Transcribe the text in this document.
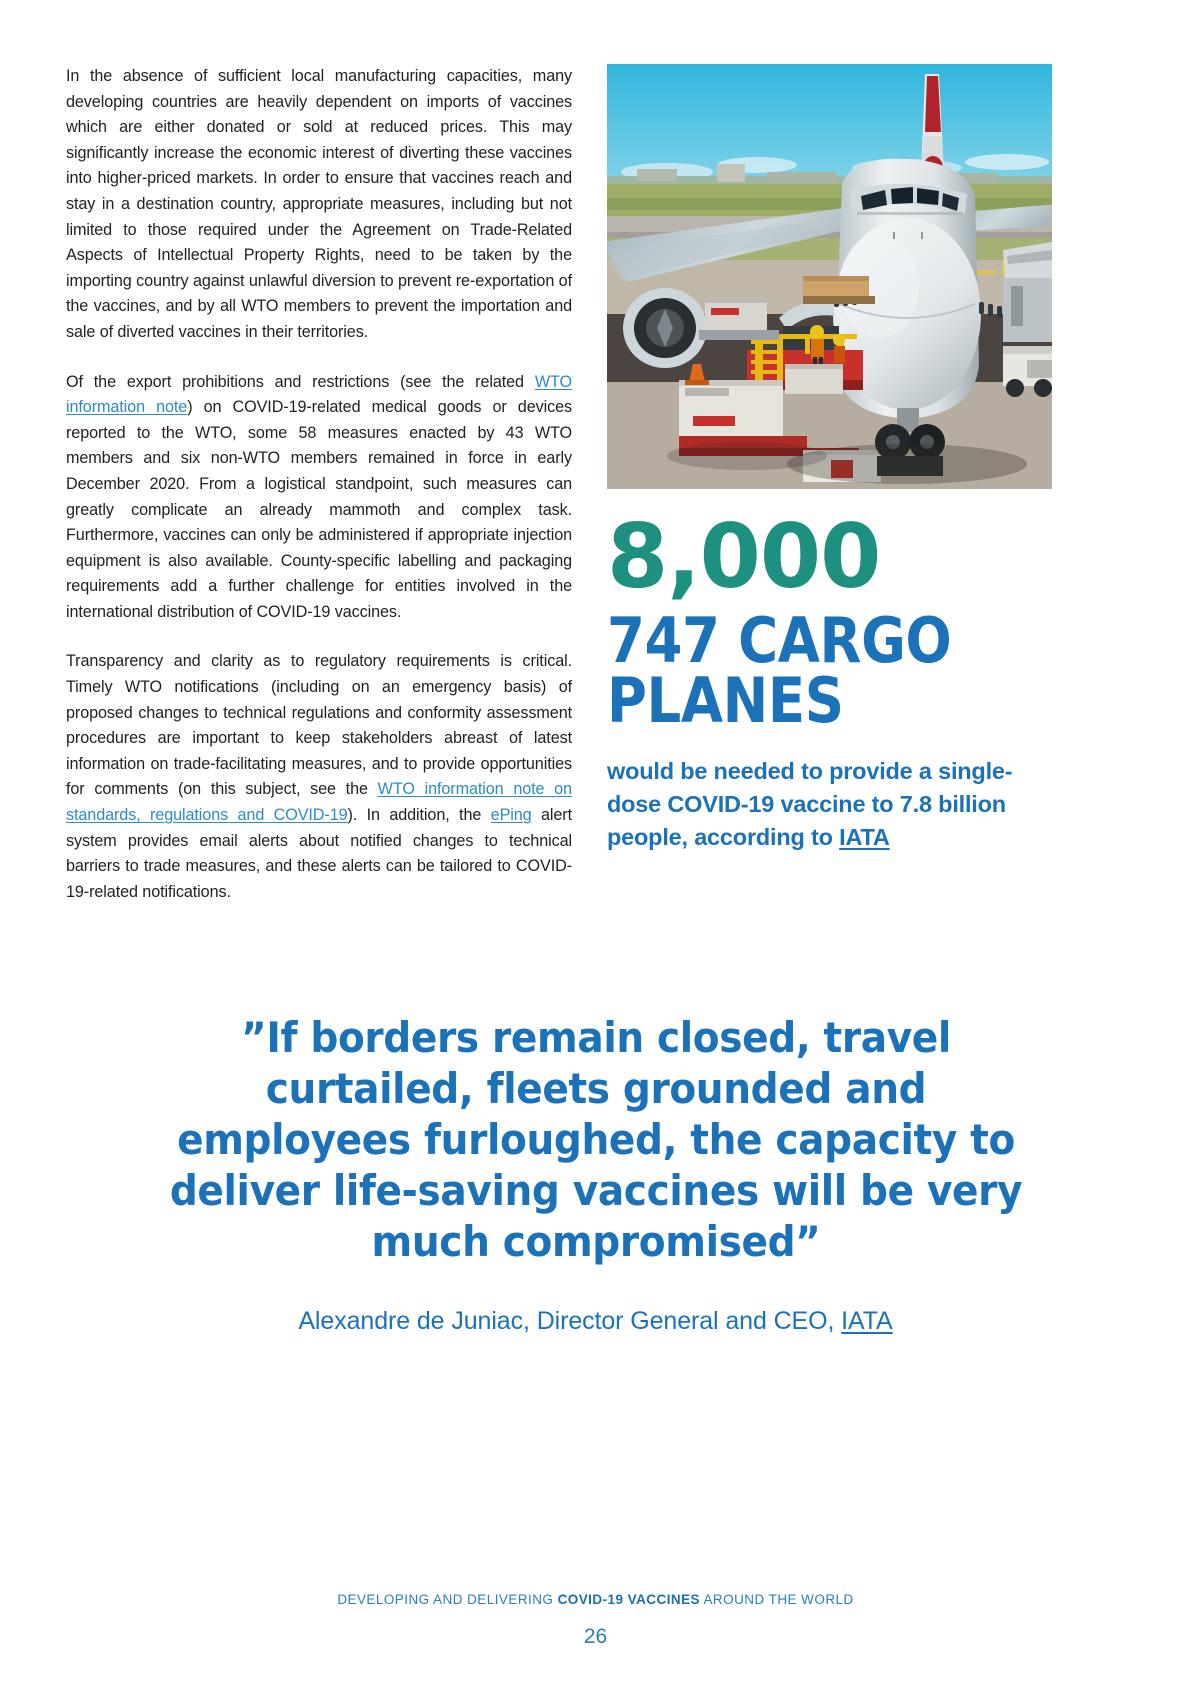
In the absence of sufficient local manufacturing capacities, many developing countries are heavily dependent on imports of vaccines which are either donated or sold at reduced prices. This may significantly increase the economic interest of diverting these vaccines into higher-priced markets. In order to ensure that vaccines reach and stay in a destination country, appropriate measures, including but not limited to those required under the Agreement on Trade-Related Aspects of Intellectual Property Rights, need to be taken by the importing country against unlawful diversion to prevent re-exportation of the vaccines, and by all WTO members to prevent the importation and sale of diverted vaccines in their territories.

Of the export prohibitions and restrictions (see the related WTO information note) on COVID-19-related medical goods or devices reported to the WTO, some 58 measures enacted by 43 WTO members and six non-WTO members remained in force in early December 2020. From a logistical standpoint, such measures can greatly complicate an already mammoth and complex task. Furthermore, vaccines can only be administered if appropriate injection equipment is also available. County-specific labelling and packaging requirements add a further challenge for entities involved in the international distribution of COVID-19 vaccines.

Transparency and clarity as to regulatory requirements is critical. Timely WTO notifications (including on an emergency basis) of proposed changes to technical regulations and conformity assessment procedures are important to keep stakeholders abreast of latest information on trade-facilitating measures, and to provide opportunities for comments (on this subject, see the WTO information note on standards, regulations and COVID-19). In addition, the ePing alert system provides email alerts about notified changes to technical barriers to trade measures, and these alerts can be tailored to COVID-19-related notifications.

8,000
747 CARGO PLANES
would be needed to provide a single-dose COVID-19 vaccine to 7.8 billion people, according to IATA
”If borders remain closed, travel curtailed, fleets grounded and employees furloughed, the capacity to deliver life-saving vaccines will be very much compromised”
Alexandre de Juniac, Director General and CEO, IATA
DEVELOPING AND DELIVERING COVID-19 VACCINES AROUND THE WORLD
26
